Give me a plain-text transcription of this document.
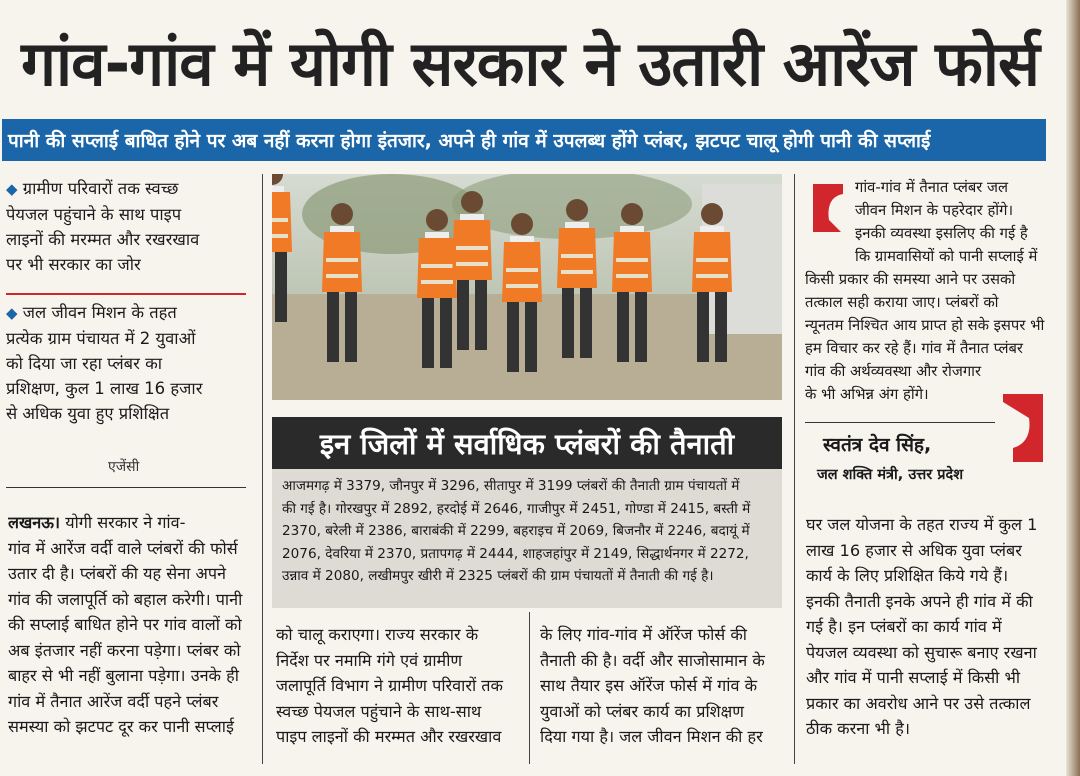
गांव-गांव में योगी सरकार ने उतारी आरेंज फोर्स
पानी की सप्लाई बाधित होने पर अब नहीं करना होगा इंतजार, अपने ही गांव में उपलब्ध होंगे प्लंबर, झटपट चालू होगी पानी की सप्लाई
◆ ग्रामीण परिवारों तक स्वच्छ
पेयजल पहुंचाने के साथ पाइप
लाइनों की मरम्मत और रखरखाव
पर भी सरकार का जोर
◆ जल जीवन मिशन के तहत
प्रत्येक ग्राम पंचायत में 2 युवाओं
को दिया जा रहा प्लंबर का
प्रशिक्षण, कुल 1 लाख 16 हजार
से अधिक युवा हुए प्रशिक्षित
एजेंसी
लखनऊ। योगी सरकार ने गांव-
गांव में आरेंज वर्दी वाले प्लंबरों की फोर्स
उतार दी है। प्लंबरों की यह सेना अपने
गांव की जलापूर्ति को बहाल करेगी। पानी
की सप्लाई बाधित होने पर गांव वालों को
अब इंतजार नहीं करना पड़ेगा। प्लंबर को
बाहर से भी नहीं बुलाना पड़ेगा। उनके ही
गांव में तैनात आरेंज वर्दी पहने प्लंबर
समस्या को झटपट दूर कर पानी सप्लाई
इन जिलों में सर्वाधिक प्लंबरों की तैनाती
आजमगढ़ में 3379, जौनपुर में 3296, सीतापुर में 3199 प्लंबरों की तैनाती ग्राम पंचायतों में
की गई है। गोरखपुर में 2892, हरदोई में 2646, गाजीपुर में 2451, गोण्डा में 2415, बस्ती में
2370, बरेली में 2386, बाराबंकी में 2299, बहराइच में 2069, बिजनौर में 2246, बदायूं में
2076, देवरिया में 2370, प्रतापगढ़ में 2444, शाहजहांपुर में 2149, सिद्धार्थनगर में 2272,
उन्नाव में 2080, लखीमपुर खीरी में 2325 प्लंबरों की ग्राम पंचायतों में तैनाती की गई है।
को चालू कराएगा। राज्य सरकार के
निर्देश पर नमामि गंगे एवं ग्रामीण
जलापूर्ति विभाग ने ग्रामीण परिवारों तक
स्वच्छ पेयजल पहुंचाने के साथ-साथ
पाइप लाइनों की मरम्मत और रखरखाव
के लिए गांव-गांव में ऑरेंज फोर्स की
तैनाती की है। वर्दी और साजोसामान के
साथ तैयार इस ऑरेंज फोर्स में गांव के
युवाओं को प्लंबर कार्य का प्रशिक्षण
दिया गया है। जल जीवन मिशन की हर
गांव-गांव में तैनात प्लंबर जल
जीवन मिशन के पहरेदार होंगे।
इनकी व्यवस्था इसलिए की गई है
कि ग्रामवासियों को पानी सप्लाई में
किसी प्रकार की समस्या आने पर उसको
तत्काल सही कराया जाए। प्लंबरों को
न्यूनतम निश्चित आय प्राप्त हो सके इसपर भी
हम विचार कर रहे हैं। गांव में तैनात प्लंबर
गांव की अर्थव्यवस्था और रोजगार
के भी अभिन्न अंग होंगे।
स्वतंत्र देव सिंह,
जल शक्ति मंत्री, उत्तर प्रदेश
घर जल योजना के तहत राज्य में कुल 1
लाख 16 हजार से अधिक युवा प्लंबर
कार्य के लिए प्रशिक्षित किये गये हैं।
इनकी तैनाती इनके अपने ही गांव में की
गई है। इन प्लंबरों का कार्य गांव में
पेयजल व्यवस्था को सुचारू बनाए रखना
और गांव में पानी सप्लाई में किसी भी
प्रकार का अवरोध आने पर उसे तत्काल
ठीक करना भी है।
